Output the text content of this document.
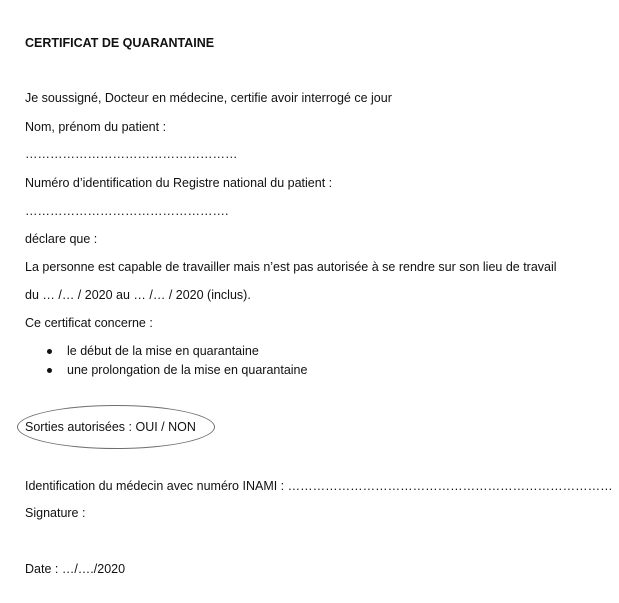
CERTIFICAT DE QUARANTAINE
Je soussigné, Docteur en médecine, certifie avoir interrogé ce jour
Nom, prénom du patient :
……………………………………………
Numéro d’identification du Registre national du patient :
………………………………………….
déclare que :
La personne est capable de travailler mais n’est pas autorisée à se rendre sur son lieu de travail
du … /… / 2020 au … /… / 2020 (inclus).
Ce certificat concerne :
le début de la mise en quarantaine
une prolongation de la mise en quarantaine
Sorties autorisées : OUI / NON
Identification du médecin avec numéro INAMI : ……………………………………………………………………
Signature :
Date : …/…./2020
